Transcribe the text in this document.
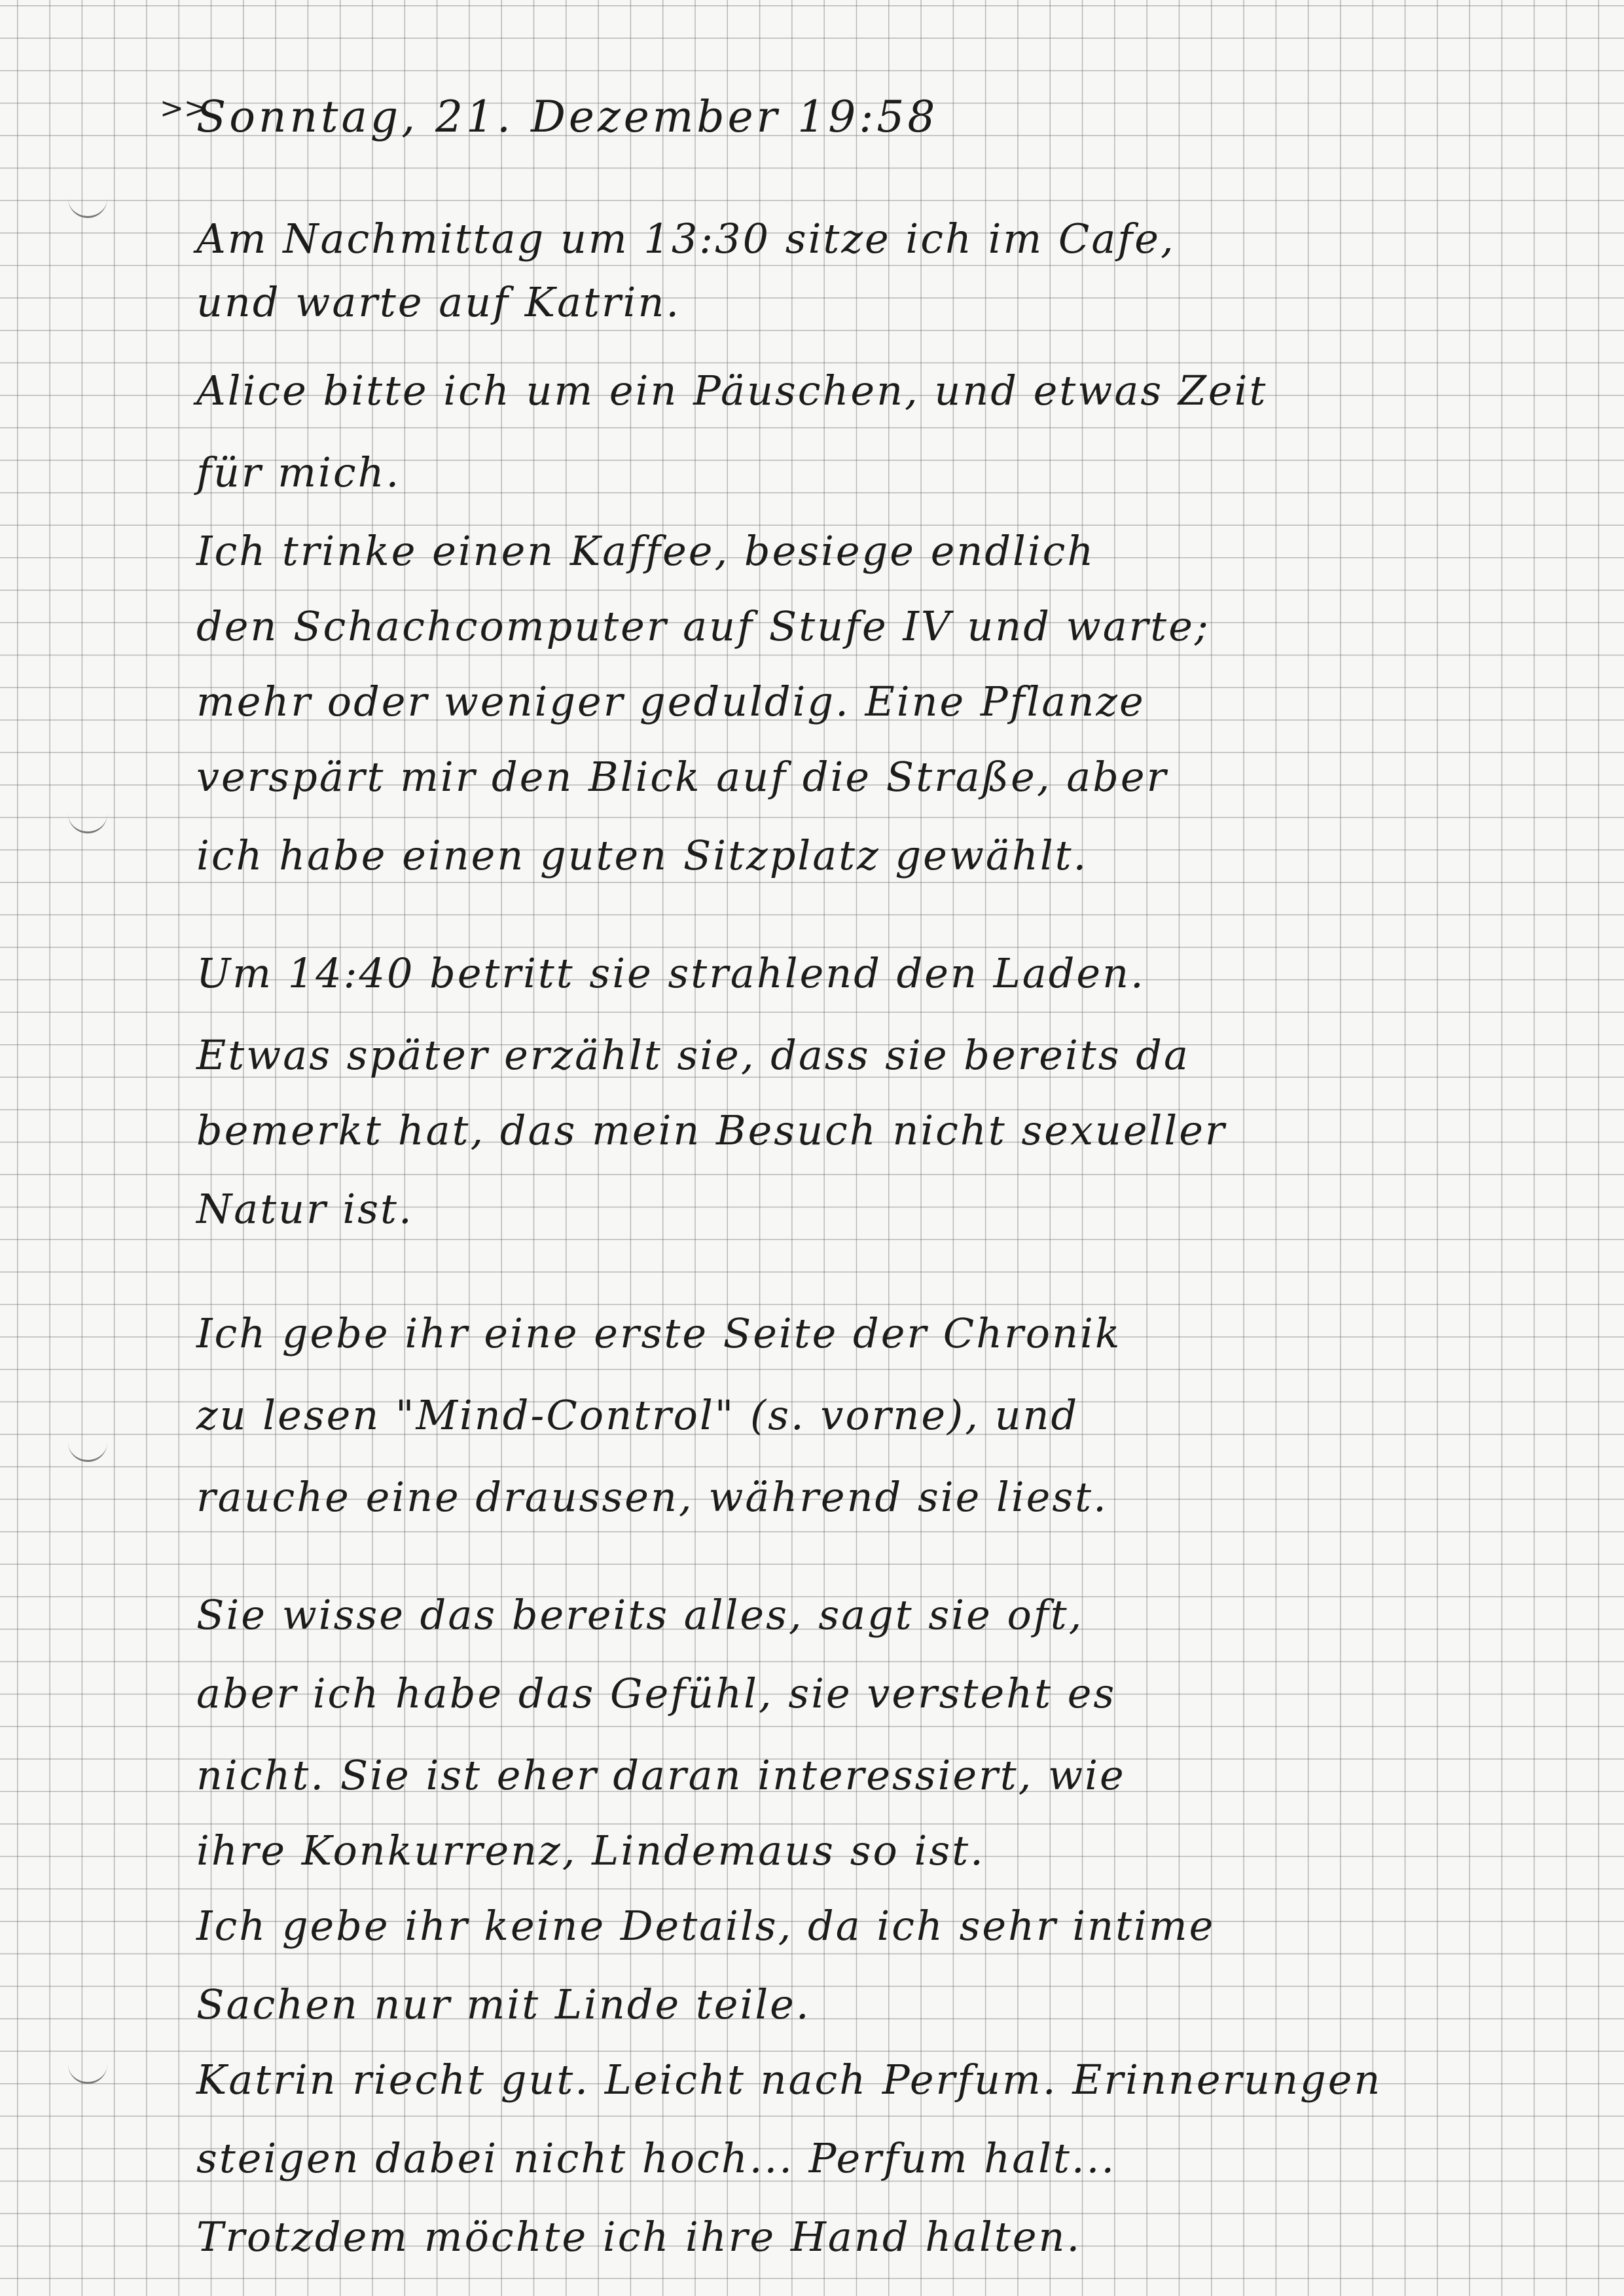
>>
Sonntag, 21. Dezember 19:58
Am Nachmittag um 13:30 sitze ich im Cafe,
und warte auf Katrin.
Alice bitte ich um ein Päuschen, und etwas Zeit
für mich.
Ich trinke einen Kaffee, besiege endlich
den Schachcomputer auf Stufe IV und warte;
mehr oder weniger geduldig. Eine Pflanze
verspärt mir den Blick auf die Straße, aber
ich habe einen guten Sitzplatz gewählt.
Um 14:40 betritt sie strahlend den Laden.
Etwas später erzählt sie, dass sie bereits da
bemerkt hat, das mein Besuch nicht sexueller
Natur ist.
Ich gebe ihr eine erste Seite der Chronik
zu lesen "Mind-Control" (s. vorne), und
rauche eine draussen, während sie liest.
Sie wisse das bereits alles, sagt sie oft,
aber ich habe das Gefühl, sie versteht es
nicht. Sie ist eher daran interessiert, wie
ihre Konkurrenz, Lindemaus so ist.
Ich gebe ihr keine Details, da ich sehr intime
Sachen nur mit Linde teile.
Katrin riecht gut. Leicht nach Perfum. Erinnerungen
steigen dabei nicht hoch... Perfum halt...
Trotzdem möchte ich ihre Hand halten.
